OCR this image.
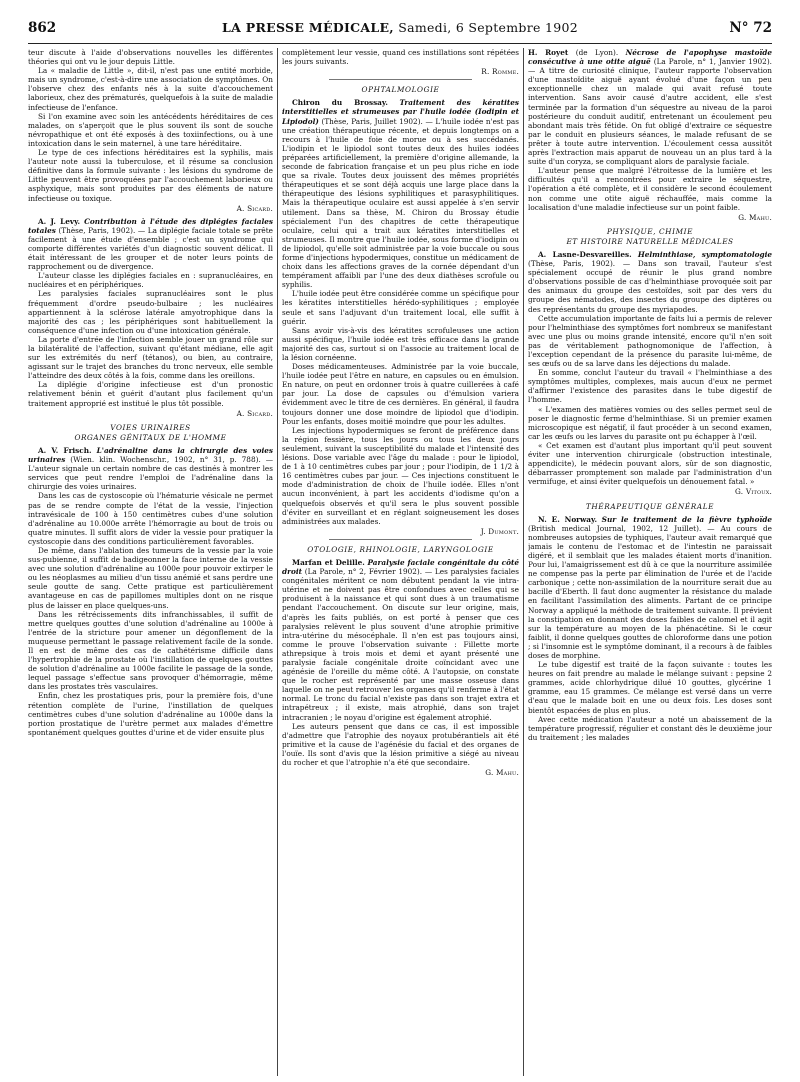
862	LA PRESSE MÉDICALE, Samedi, 6 Septembre 1902	N° 72

teur discute à l'aide d'observations nouvelles les différentes théories qui ont vu le jour depuis Little.

La « maladie de Little », dit-il, n'est pas une entité morbide, mais un syndrome, c'est-à-dire une association de symptômes. On l'observe chez des enfants nés à la suite d'accouchement laborieux, chez des prématurés, quelquefois à la suite de maladie infectieuse de l'enfance.

Si l'on examine avec soin les antécédents héréditaires de ces malades, on s'aperçoit que le plus souvent ils sont de souche névropathique et ont été exposés à des toxiinfections, ou à une intoxication dans le sein maternel, à une tare héréditaire.

Le type de ces infections héréditaires est la syphilis, mais l'auteur note aussi la tuberculose, et il résume sa conclusion définitive dans la formule suivante : les lésions du syndrome de Little peuvent être provoquées par l'accouchement laborieux ou asphyxique, mais sont produites par des éléments de nature infectieuse ou toxique.

A. Sicard.

A. J. Levy. Contribution à l'étude des diplégies faciales totales (Thèse, Paris, 1902). — La diplégie faciale totale se prête facilement à une étude d'ensemble ; c'est un syndrome qui comporte différentes variétés d'un diagnostic souvent délicat. Il était intéressant de les grouper et de noter leurs points de rapprochement ou de divergence.

L'auteur classe les diplégies faciales en : supranucléaires, en nucléaires et en périphériques.

Les paralysies faciales supranucléaires sont le plus fréquemment d'ordre pseudo-bulbaire ; les nucléaires appartiennent à la sclérose latérale amyotrophique dans la majorité des cas ; les périphériques sont habituellement la conséquence d'une infection ou d'une intoxication générale.

La porte d'entrée de l'infection semble jouer un grand rôle sur la bilatéralité de l'affection, suivant qu'étant médiane, elle agit sur les extrémités du nerf (tétanos), ou bien, au contraire, agissant sur le trajet des branches du tronc nerveux, elle semble l'atteindre des deux côtés à la fois, comme dans les oreillons.

La diplégie d'origine infectieuse est d'un pronostic relativement bénin et guérit d'autant plus facilement qu'un traitement approprié est institué le plus tôt possible.

A. Sicard.
VOIES URINAIRES
ORGANES GÉNITAUX DE L'HOMME

A. V. Frisch. L'adrénaline dans la chirurgie des voies urinaires (Wien. klin. Wochenschr., 1902, n° 31, p. 788). — L'auteur signale un certain nombre de cas destinés à montrer les services que peut rendre l'emploi de l'adrénaline dans la chirurgie des voies urinaires.

Dans les cas de cystoscopie où l'hématurie vésicale ne permet pas de se rendre compte de l'état de la vessie, l'injection intravésicale de 100 à 150 centimètres cubes d'une solution d'adrénaline au 10.000e arrête l'hémorragie au bout de trois ou quatre minutes. Il suffit alors de vider la vessie pour pratiquer la cystoscopie dans des conditions particulièrement favorables.

De même, dans l'ablation des tumeurs de la vessie par la voie sus-pubienne, il suffit de badigeonner la face interne de la vessie avec une solution d'adrénaline au 1000e pour pouvoir extirper le ou les néoplasmes au milieu d'un tissu anémié et sans perdre une seule goutte de sang. Cette pratique est particulièrement avantageuse en cas de papillomes multiples dont on ne risque plus de laisser en place quelques-uns.

Dans les rétrécissements dits infranchissables, il suffit de mettre quelques gouttes d'une solution d'adrénaline au 1000e à l'entrée de la stricture pour amener un dégonflement de la muqueuse permettant le passage relativement facile de la sonde. Il en est de même des cas de cathétérisme difficile dans l'hypertrophie de la prostate où l'instillation de quelques gouttes de solution d'adrénaline au 1000e facilite le passage de la sonde, lequel passage s'effectue sans provoquer d'hémorragie, même dans les prostates très vasculaires.

Enfin, chez les prostatiques pris, pour la première fois, d'une rétention complète de l'urine, l'instillation de quelques centimètres cubes d'une solution d'adrénaline au 1000e dans la portion prostatique de l'urètre permet aux malades d'émettre spontanément quelques gouttes d'urine et de vider ensuite plus

complètement leur vessie, quand ces instillations sont répétées les jours suivants.

R. Romme.
OPHTALMOLOGIE

Chiron du Brossay. Traitement des kératites interstitielles et strumeuses par l'huile iodée (Iodipin et Lipiodol) (Thèse, Paris, Juillet 1902). — L'huile iodée n'est pas une création thérapeutique récente, et depuis longtemps on a recours à l'huile de foie de morue ou à ses succédanés. L'iodipin et le lipiodol sont toutes deux des huiles iodées préparées artificiellement, la première d'origine allemande, la seconde de fabrication française et un peu plus riche en iode que sa rivale. Toutes deux jouissent des mêmes propriétés thérapeutiques et se sont déjà acquis une large place dans la thérapeutique des lésions syphilitiques et parasyphilitiques. Mais la thérapeutique oculaire est aussi appelée à s'en servir utilement. Dans sa thèse, M. Chiron du Brossay étudie spécialement l'un des chapitres de cette thérapeutique oculaire, celui qui a trait aux kératites interstitielles et strumeuses. Il montre que l'huile iodée, sous forme d'iodipin ou de lipiodol, qu'elle soit administrée par la voie buccale ou sous forme d'injections hypodermiques, constitue un médicament de choix dans les affections graves de la cornée dépendant d'un tempérament affaibli par l'une des deux diathèses scrofule ou syphilis.

L'huile iodée peut être considérée comme un spécifique pour les kératites interstitielles hérédo-syphilitiques ; employée seule et sans l'adjuvant d'un traitement local, elle suffit à guérir.

Sans avoir vis-à-vis des kératites scrofuleuses une action aussi spécifique, l'huile iodée est très efficace dans la grande majorité des cas, surtout si on l'associe au traitement local de la lésion cornéenne.

Doses médicamenteuses. Administrée par la voie buccale, l'huile iodée peut l'être en nature, en capsules ou en émulsion. En nature, on peut en ordonner trois à quatre cuillerées à café par jour. La dose de capsules ou d'émulsion variera évidemment avec le titre de ces dernières. En général, il faudra toujours donner une dose moindre de lipiodol que d'iodipin. Pour les enfants, doses moitié moindre que pour les adultes.

Les injections hypodermiques se feront de préférence dans la région fessière, tous les jours ou tous les deux jours seulement, suivant la susceptibilité du malade et l'intensité des lésions. Dose variable avec l'âge du malade : pour le lipiodol, de 1 à 10 centimètres cubes par jour ; pour l'iodipin, de 1 1/2 à 16 centimètres cubes par jour. — Ces injections constituent le mode d'administration de choix de l'huile iodée. Elles n'ont aucun inconvénient, à part les accidents d'iodisme qu'on a quelquefois observés et qu'il sera le plus souvent possible d'éviter en surveillant et en réglant soigneusement les doses administrées aux malades.

J. Dumont.
OTOLOGIE, RHINOLOGIE, LARYNGOLOGIE

Marfan et Delille. Paralysie faciale congénitale du côté droit (La Parole, n° 2, Février 1902). — Les paralysies faciales congénitales méritent ce nom débutent pendant la vie intra-utérine et ne doivent pas être confondues avec celles qui se produisent à la naissance et qui sont dues à un traumatisme pendant l'accouchement. On discute sur leur origine, mais, d'après les faits publiés, on est porté à penser que ces paralysies relèvent le plus souvent d'une atrophie primitive intra-utérine du mésocéphale. Il n'en est pas toujours ainsi, comme le prouve l'observation suivante : Fillette morte athrepsique à trois mois et demi et ayant présenté une paralysie faciale congénitale droite coïncidant avec une agénésie de l'oreille du même côté. A l'autopsie, on constate que le rocher est représenté par une masse osseuse dans laquelle on ne peut retrouver les organes qu'il renferme à l'état normal. Le tronc du facial n'existe pas dans son trajet extra et intrapétreux ; il existe, mais atrophié, dans son trajet intracranien ; le noyau d'origine est également atrophié.

Les auteurs pensent que dans ce cas, il est impossible d'admettre que l'atrophie des noyaux protubérantiels ait été primitive et la cause de l'agénésie du facial et des organes de l'ouïe. Ils sont d'avis que la lésion primitive a siégé au niveau du rocher et que l'atrophie n'a été que secondaire.

G. Mahu.

H. Royet (de Lyon). Nécrose de l'apophyse mastoïde consécutive à une otite aiguë (La Parole, n° 1, Janvier 1902). — A titre de curiosité clinique, l'auteur rapporte l'observation d'une mastoïdite aiguë ayant évolué d'une façon un peu exceptionnelle chez un malade qui avait refusé toute intervention. Sans avoir causé d'autre accident, elle s'est terminée par la formation d'un séquestre au niveau de la paroi postérieure du conduit auditif, entretenant un écoulement peu abondant mais très fétide. On fut obligé d'extraire ce séquestre par le conduit en plusieurs séances, le malade refusant de se prêter à toute autre intervention. L'écoulement cessa aussitôt après l'extraction mais apparut de nouveau un an plus tard à la suite d'un coryza, se compliquant alors de paralysie faciale.

L'auteur pense que malgré l'étroitesse de la lumière et les difficultés qu'il a rencontrées pour extraire le séquestre, l'opération a été complète, et il considère le second écoulement non comme une otite aiguë réchauffée, mais comme la localisation d'une maladie infectieuse sur un point faible.

G. Mahu.
PHYSIQUE, CHIMIE
ET HISTOIRE NATURELLE MÉDICALES

A. Lasne-Desvareilles. Helminthiase, symptomatologie (Thèse, Paris, 1902). — Dans son travail, l'auteur s'est spécialement occupé de réunir le plus grand nombre d'observations possible de cas d'helminthiase provoquée soit par des animaux du groupe des cestoïdes, soit par des vers du groupe des nématodes, des insectes du groupe des diptères ou des représentants du groupe des myriapodes.

Cette accumulation importante de faits lui a permis de relever pour l'helminthiase des symptômes fort nombreux se manifestant avec une plus ou moins grande intensité, encore qu'il n'en soit pas de véritablement pathognomonique de l'affection, à l'exception cependant de la présence du parasite lui-même, de ses œufs ou de sa larve dans les déjections du malade.

En somme, conclut l'auteur du travail « l'helminthiase a des symptômes multiples, complexes, mais aucun d'eux ne permet d'affirmer l'existence des parasites dans le tube digestif de l'homme.

« L'examen des matières vomies ou des selles permet seul de poser le diagnostic ferme d'helminthiase. Si un premier examen microscopique est négatif, il faut procéder à un second examen, car les œufs ou les larves du parasite ont pu échapper à l'œil.

« Cet examen est d'autant plus important qu'il peut souvent éviter une intervention chirurgicale (obstruction intestinale, appendicite), le médecin pouvant alors, sûr de son diagnostic, débarrasser promptement son malade par l'administration d'un vermifuge, et ainsi éviter quelquefois un dénouement fatal. »

G. Vitoux.
THÉRAPEUTIQUE GÉNÉRALE

N. E. Norway. Sur le traitement de la fièvre typhoïde (British medical Journal, 1902, 12 Juillet). — Au cours de nombreuses autopsies de typhiques, l'auteur avait remarqué que jamais le contenu de l'estomac et de l'intestin ne paraissait digéré, et il semblait que les malades étaient morts d'inanition. Pour lui, l'amaigrissement est dû à ce que la nourriture assimilée ne compense pas la perte par élimination de l'urée et de l'acide carbonique ; cette non-assimilation de la nourriture serait due au bacille d'Eberth. Il faut donc augmenter la résistance du malade en facilitant l'assimilation des aliments. Partant de ce principe Norway a appliqué la méthode de traitement suivante. Il prévient la constipation en donnant des doses faibles de calomel et il agit sur la température au moyen de la phénacétine. Si le cœur faiblit, il donne quelques gouttes de chloroforme dans une potion ; si l'insomnie est le symptôme dominant, il a recours à de faibles doses de morphine.

Le tube digestif est traité de la façon suivante : toutes les heures on fait prendre au malade le mélange suivant : pepsine 2 grammes, acide chlorhydrique dilué 10 gouttes, glycérine 1 gramme, eau 15 grammes. Ce mélange est versé dans un verre d'eau que le malade boit en une ou deux fois. Les doses sont bientôt espacées de plus en plus.

Avec cette médication l'auteur a noté un abaissement de la température progressif, régulier et constant dès le deuxième jour du traitement ; les malades
